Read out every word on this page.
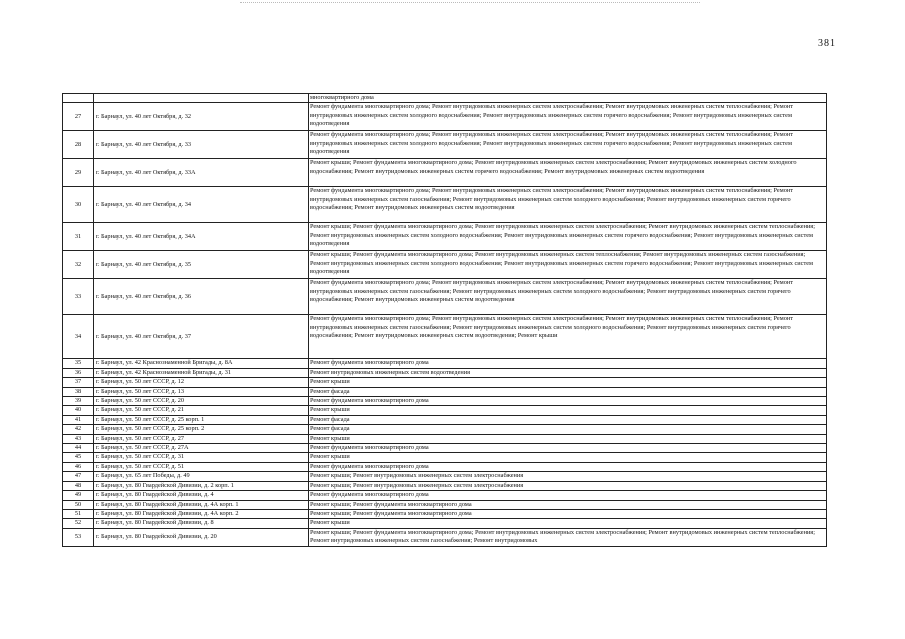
381
		многоквартирного дома
27	г. Барнаул, ул. 40 лет Октября, д. 32	Ремонт фундамента многоквартирного дома; Ремонт внутридомовых инженерных систем электроснабжения; Ремонт внутридомовых инженерных систем теплоснабжения; Ремонт внутридомовых инженерных систем холодного водоснабжения; Ремонт внутридомовых инженерных систем горячего водоснабжения; Ремонт внутридомовых инженерных систем водоотведения
28	г. Барнаул, ул. 40 лет Октября, д. 33	Ремонт фундамента многоквартирного дома; Ремонт внутридомовых инженерных систем электроснабжения; Ремонт внутридомовых инженерных систем теплоснабжения; Ремонт внутридомовых инженерных систем холодного водоснабжения; Ремонт внутридомовых инженерных систем горячего водоснабжения; Ремонт внутридомовых инженерных систем водоотведения
29	г. Барнаул, ул. 40 лет Октября, д. 33А	Ремонт крыши; Ремонт фундамента многоквартирного дома; Ремонт внутридомовых инженерных систем электроснабжения; Ремонт внутридомовых инженерных систем холодного водоснабжения; Ремонт внутридомовых инженерных систем горячего водоснабжения; Ремонт внутридомовых инженерных систем водоотведения
30	г. Барнаул, ул. 40 лет Октября, д. 34	Ремонт фундамента многоквартирного дома; Ремонт внутридомовых инженерных систем электроснабжения; Ремонт внутридомовых инженерных систем теплоснабжения; Ремонт внутридомовых инженерных систем газоснабжения; Ремонт внутридомовых инженерных систем холодного водоснабжения; Ремонт внутридомовых инженерных систем горячего водоснабжения; Ремонт внутридомовых инженерных систем водоотведения
31	г. Барнаул, ул. 40 лет Октября, д. 34А	Ремонт крыши; Ремонт фундамента многоквартирного дома; Ремонт внутридомовых инженерных систем электроснабжения; Ремонт внутридомовых инженерных систем теплоснабжения; Ремонт внутридомовых инженерных систем холодного водоснабжения; Ремонт внутридомовых инженерных систем горячего водоснабжения; Ремонт внутридомовых инженерных систем водоотведения
32	г. Барнаул, ул. 40 лет Октября, д. 35	Ремонт крыши; Ремонт фундамента многоквартирного дома; Ремонт внутридомовых инженерных систем теплоснабжения; Ремонт внутридомовых инженерных систем газоснабжения; Ремонт внутридомовых инженерных систем холодного водоснабжения; Ремонт внутридомовых инженерных систем горячего водоснабжения; Ремонт внутридомовых инженерных систем водоотведения
33	г. Барнаул, ул. 40 лет Октября, д. 36	Ремонт фундамента многоквартирного дома; Ремонт внутридомовых инженерных систем электроснабжения; Ремонт внутридомовых инженерных систем теплоснабжения; Ремонт внутридомовых инженерных систем газоснабжения; Ремонт внутридомовых инженерных систем холодного водоснабжения; Ремонт внутридомовых инженерных систем горячего водоснабжения; Ремонт внутридомовых инженерных систем водоотведения
34	г. Барнаул, ул. 40 лет Октября, д. 37	Ремонт фундамента многоквартирного дома; Ремонт внутридомовых инженерных систем электроснабжения; Ремонт внутридомовых инженерных систем теплоснабжения; Ремонт внутридомовых инженерных систем газоснабжения; Ремонт внутридомовых инженерных систем холодного водоснабжения; Ремонт внутридомовых инженерных систем горячего водоснабжения; Ремонт внутридомовых инженерных систем водоотведения; Ремонт крыши
35	г. Барнаул, ул. 42 Краснознаменной Бригады, д. 8А	Ремонт фундамента многоквартирного дома
36	г. Барнаул, ул. 42 Краснознаменной Бригады, д. 31	Ремонт внутридомовых инженерных систем водоотведения
37	г. Барнаул, ул. 50 лет СССР, д. 12	Ремонт крыши
38	г. Барнаул, ул. 50 лет СССР, д. 13	Ремонт фасада
39	г. Барнаул, ул. 50 лет СССР, д. 20	Ремонт фундамента многоквартирного дома
40	г. Барнаул, ул. 50 лет СССР, д. 21	Ремонт крыши
41	г. Барнаул, ул. 50 лет СССР, д. 25 корп. 1	Ремонт фасада
42	г. Барнаул, ул. 50 лет СССР, д. 25 корп. 2	Ремонт фасада
43	г. Барнаул, ул. 50 лет СССР, д. 27	Ремонт крыши
44	г. Барнаул, ул. 50 лет СССР, д. 27А	Ремонт фундамента многоквартирного дома
45	г. Барнаул, ул. 50 лет СССР, д. 31	Ремонт крыши
46	г. Барнаул, ул. 50 лет СССР, д. 51	Ремонт фундамента многоквартирного дома
47	г. Барнаул, ул. 65 лет Победы, д. 49	Ремонт крыши; Ремонт внутридомовых инженерных систем электроснабжения
48	г. Барнаул, ул. 80 Гвардейской Дивизии, д. 2 корп. 1	Ремонт крыши; Ремонт внутридомовых инженерных систем электроснабжения
49	г. Барнаул, ул. 80 Гвардейской Дивизии, д. 4	Ремонт фундамента многоквартирного дома
50	г. Барнаул, ул. 80 Гвардейской Дивизии, д. 4А корп. 1	Ремонт крыши; Ремонт фундамента многоквартирного дома
51	г. Барнаул, ул. 80 Гвардейской Дивизии, д. 4А корп. 2	Ремонт крыши; Ремонт фундамента многоквартирного дома
52	г. Барнаул, ул. 80 Гвардейской Дивизии, д. 8	Ремонт крыши
53	г. Барнаул, ул. 80 Гвардейской Дивизии, д. 20	Ремонт крыши; Ремонт фундамента многоквартирного дома; Ремонт внутридомовых инженерных систем электроснабжения; Ремонт внутридомовых инженерных систем теплоснабжения; Ремонт внутридомовых инженерных систем газоснабжения; Ремонт внутридомовых
